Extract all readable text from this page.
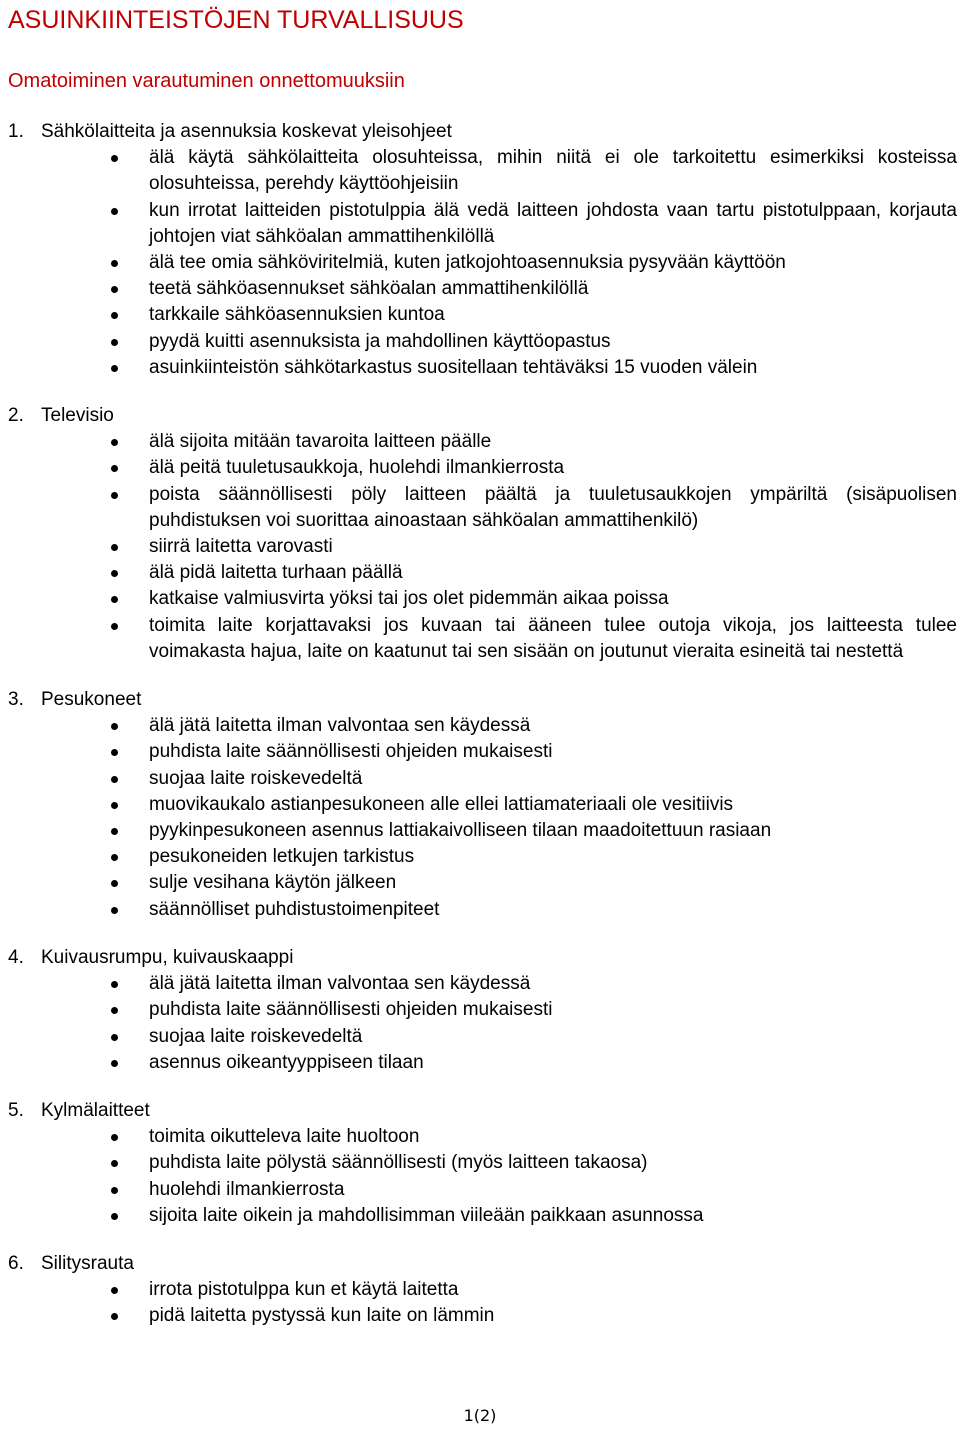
ASUINKIINTEISTÖJEN TURVALLISUUS
Omatoiminen varautuminen onnettomuuksiin
1. Sähkölaitteita ja asennuksia koskevat yleisohjeet
älä käytä sähkölaitteita olosuhteissa, mihin niitä ei ole tarkoitettu esimerkiksi kosteissa olosuhteissa, perehdy käyttöohjeisiin
kun irrotat laitteiden pistotulppia älä vedä laitteen johdosta vaan tartu pistotulppaan, korjauta johtojen viat sähköalan ammattihenkilöllä
älä tee omia sähköviritelmiä, kuten jatkojohtoasennuksia pysyvään käyttöön
teetä sähköasennukset sähköalan ammattihenkilöllä
tarkkaile sähköasennuksien kuntoa
pyydä kuitti asennuksista ja mahdollinen käyttöopastus
asuinkiinteistön sähkötarkastus suositellaan tehtäväksi 15 vuoden välein
2. Televisio
älä sijoita mitään tavaroita laitteen päälle
älä peitä tuuletusaukkoja, huolehdi ilmankierrosta
poista säännöllisesti pöly laitteen päältä ja tuuletusaukkojen ympäriltä (sisäpuolisen puhdistuksen voi suorittaa ainoastaan sähköalan ammattihenkilö)
siirrä laitetta varovasti
älä pidä laitetta turhaan päällä
katkaise valmiusvirta yöksi tai jos olet pidemmän aikaa poissa
toimita laite korjattavaksi jos kuvaan tai ääneen tulee outoja vikoja, jos laitteesta tulee voimakasta hajua, laite on kaatunut tai sen sisään on joutunut vieraita esineitä tai nestettä
3. Pesukoneet
älä jätä laitetta ilman valvontaa sen käydessä
puhdista laite säännöllisesti ohjeiden mukaisesti
suojaa laite roiskevedeltä
muovikaukalo astianpesukoneen alle ellei lattiamateriaali ole vesitiivis
pyykinpesukoneen asennus lattiakaivolliseen tilaan maadoitettuun rasiaan
pesukoneiden letkujen tarkistus
sulje vesihana käytön jälkeen
säännölliset puhdistustoimenpiteet
4. Kuivausrumpu, kuivauskaappi
älä jätä laitetta ilman valvontaa sen käydessä
puhdista laite säännöllisesti ohjeiden mukaisesti
suojaa laite roiskevedeltä
asennus oikeantyyppiseen tilaan
5. Kylmälaitteet
toimita oikutteleva laite huoltoon
puhdista laite pölystä säännöllisesti (myös laitteen takaosa)
huolehdi ilmankierrosta
sijoita laite oikein ja mahdollisimman viileään paikkaan asunnossa
6. Silitysrauta
irrota pistotulppa kun et käytä laitetta
pidä laitetta pystyssä kun laite on lämmin
1(2)
